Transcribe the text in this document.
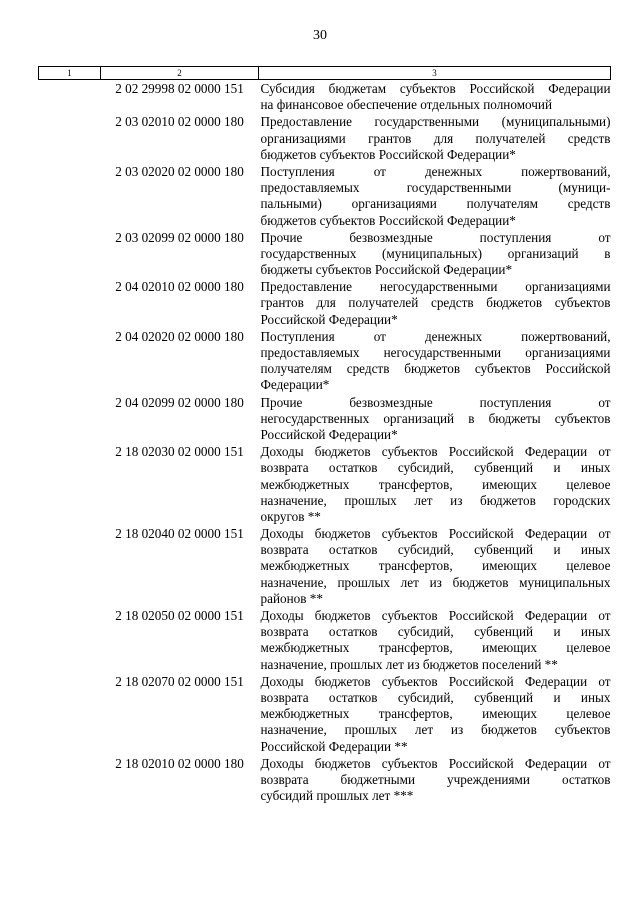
30
1	2	3
	2 02 29998 02 0000 151	Субсидия бюджетам субъектов Российской Федерации
на финансовое обеспечение отдельных полномочий

	2 03 02010 02 0000 180	Предоставление государственными (муниципальными)
организациями грантов для получателей средств
бюджетов субъектов Российской Федерации*

	2 03 02020 02 0000 180	Поступления от денежных пожертвований,
предоставляемых государственными (муници-
пальными) организациями получателям средств
бюджетов субъектов Российской Федерации*

	2 03 02099 02 0000 180	Прочие безвозмездные поступления от
государственных (муниципальных) организаций в
бюджеты субъектов Российской Федерации*

	2 04 02010 02 0000 180	Предоставление негосударственными организациями
грантов для получателей средств бюджетов субъектов
Российской Федерации*

	2 04 02020 02 0000 180	Поступления от денежных пожертвований,
предоставляемых негосударственными организациями
получателям средств бюджетов субъектов Российской
Федерации*

	2 04 02099 02 0000 180	Прочие безвозмездные поступления от
негосударственных организаций в бюджеты субъектов
Российской Федерации*

	2 18 02030 02 0000 151	Доходы бюджетов субъектов Российской Федерации от
возврата остатков субсидий, субвенций и иных
межбюджетных трансфертов, имеющих целевое
назначение, прошлых лет из бюджетов городских
округов **

	2 18 02040 02 0000 151	Доходы бюджетов субъектов Российской Федерации от
возврата остатков субсидий, субвенций и иных
межбюджетных трансфертов, имеющих целевое
назначение, прошлых лет из бюджетов муниципальных
районов **

	2 18 02050 02 0000 151	Доходы бюджетов субъектов Российской Федерации от
возврата остатков субсидий, субвенций и иных
межбюджетных трансфертов, имеющих целевое
назначение, прошлых лет из бюджетов поселений **

	2 18 02070 02 0000 151	Доходы бюджетов субъектов Российской Федерации от
возврата остатков субсидий, субвенций и иных
межбюджетных трансфертов, имеющих целевое
назначение, прошлых лет из бюджетов субъектов
Российской Федерации **

	2 18 02010 02 0000 180	Доходы бюджетов субъектов Российской Федерации от
возврата бюджетными учреждениями остатков
субсидий прошлых лет ***
